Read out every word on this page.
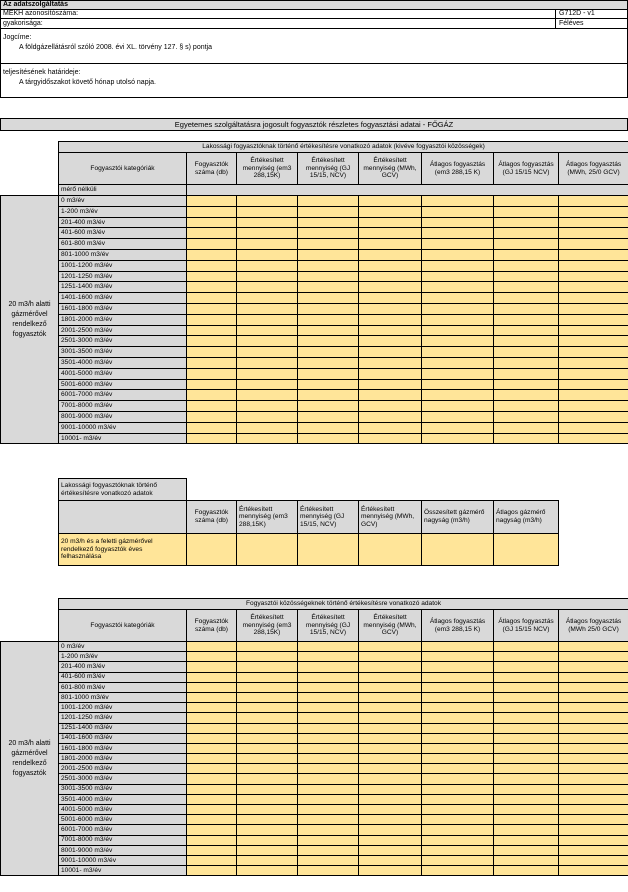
Az adatszolgáltatás
MEKH azonosítószáma:	G712D - v1
gyakorisága:	Féléves
Jogcíme:
A földgázellátásról szóló 2008. évi XL. törvény 127. § s) pontja
teljesítésének határideje:
A tárgyidőszakot követő hónap utolsó napja.
Egyetemes szolgáltatásra jogosult fogyasztók részletes fogyasztási adatai - FŐGÁZ
	Lakossági fogyasztóknak történő értékesítésre vonatkozó adatok (kivéve fogyasztói közösségek)							
	Fogyasztói kategóriák	Fogyasztók száma (db)	Értékesített mennyiség (em3 288,15K)	Értékesített mennyiség (GJ 15/15, NCV)	Értékesített mennyiség (MWh, GCV)	Átlagos fogyasztás (em3 288,15 K)	Átlagos fogyasztás (GJ 15/15 NCV)	Átlagos fogyasztás (MWh, 25/0 GCV)
	mérő nélküli							
20 m3/h alatti gázmérővel rendelkező fogyasztók	0 m3/év							
	1-200 m3/év							
	201-400 m3/év							
	401-600 m3/év							
	601-800 m3/év							
	801-1000 m3/év							
	1001-1200 m3/év							
	1201-1250 m3/év							
	1251-1400 m3/év							
	1401-1600 m3/év							
	1601-1800 m3/év							
	1801-2000 m3/év							
	2001-2500 m3/év							
	2501-3000 m3/év							
	3001-3500 m3/év							
	3501-4000 m3/év							
	4001-5000 m3/év							
	5001-6000 m3/év							
	6001-7000 m3/év							
	7001-8000 m3/év							
	8001-9000 m3/év							
	9001-10000 m3/év							
	10001- m3/év							
Lakossági fogyasztóknak történő értékesítésre vonatkozó adatok							
	Fogyasztók száma (db)	Értékesített mennyiség (em3 288,15K)	Értékesített mennyiség (GJ 15/15, NCV)	Értékesített mennyiség (MWh, GCV)	Összesített gázmérő nagyság (m3/h)	Átlagos gázmérő nagyság (m3/h)	
20 m3/h és a feletti gázmérővel rendelkező fogyasztók éves felhasználása							
	Fogyasztói közösségeknek történő értékesítésre vonatkozó adatok							
	Fogyasztói kategóriák	Fogyasztók száma (db)	Értékesített mennyiség (em3 288,15K)	Értékesített mennyiség (GJ 15/15, NCV)	Értékesített mennyiség (MWh, GCV)	Átlagos fogyasztás (em3 288,15 K)	Átlagos fogyasztás (GJ 15/15 NCV)	Átlagos fogyasztás (MWh 25/0 GCV)
20 m3/h alatti gázmérővel rendelkező fogyasztók	0 m3/év							
	1-200 m3/év							
	201-400 m3/év							
	401-600 m3/év							
	601-800 m3/év							
	801-1000 m3/év							
	1001-1200 m3/év							
	1201-1250 m3/év							
	1251-1400 m3/év							
	1401-1600 m3/év							
	1601-1800 m3/év							
	1801-2000 m3/év							
	2001-2500 m3/év							
	2501-3000 m3/év							
	3001-3500 m3/év							
	3501-4000 m3/év							
	4001-5000 m3/év							
	5001-6000 m3/év							
	6001-7000 m3/év							
	7001-8000 m3/év							
	8001-9000 m3/év							
	9001-10000 m3/év							
	10001- m3/év							
